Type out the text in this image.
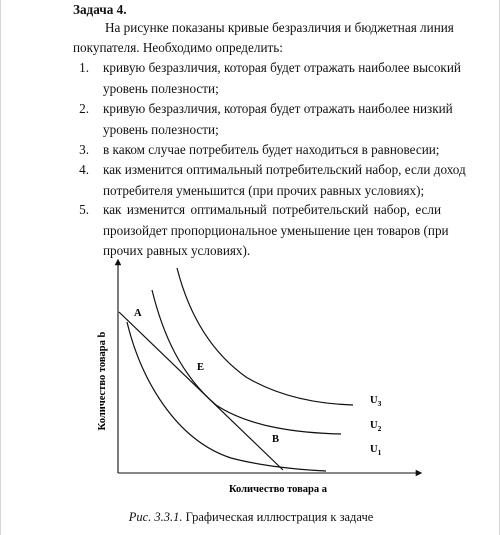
Задача 4.
На рисунке показаны кривые безразличия и бюджетная линия
покупателя. Необходимо определить:
1. кривую безразличия, которая будет отражать наиболее высокий
уровень полезности;
2. кривую безразличия, которая будет отражать наиболее низкий
уровень полезности;
3. в каком случае потребитель будет находиться в равновесии;
4. как изменится оптимальный потребительский набор, если доход
потребителя уменьшится (при прочих равных условиях);
5. как изменится оптимальный потребительский набор, если
произойдет пропорциональное уменьшение цен товаров (при
прочих равных условиях).
A
E
B
$U_3$
$U_2$
$U_1$
Количество товара b
Количество товара а
Рис. 3.3.1. Графическая иллюстрация к задаче
